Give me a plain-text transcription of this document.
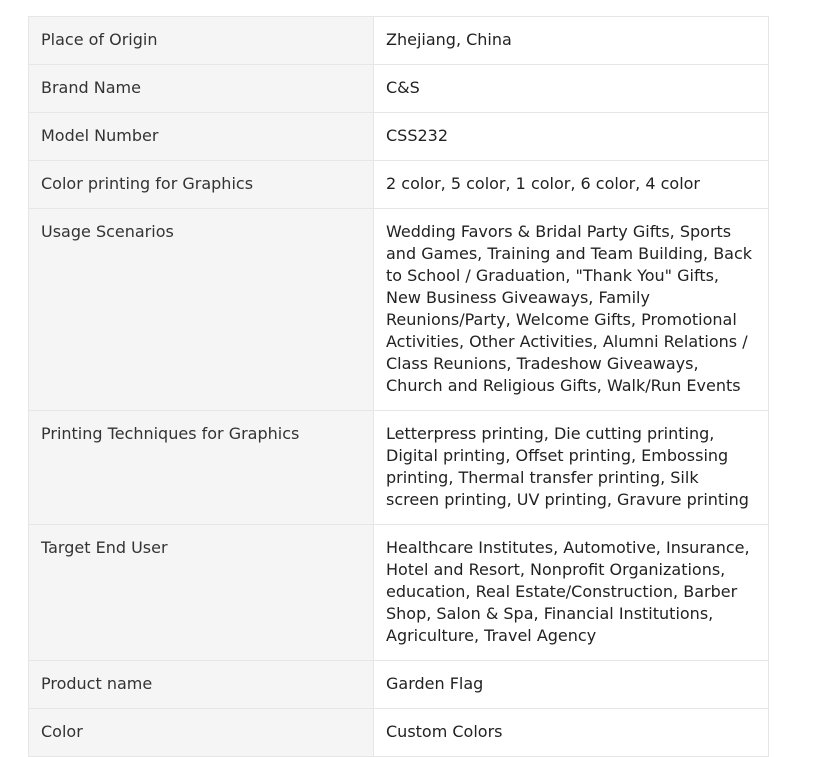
Place of Origin	Zhejiang, China
Brand Name	C&S
Model Number	CSS232
Color printing for Graphics	2 color, 5 color, 1 color, 6 color, 4 color
Usage Scenarios	Wedding Favors & Bridal Party Gifts, Sports and Games, Training and Team Building, Back to School / Graduation, "Thank You" Gifts, New Business Giveaways, Family Reunions/Party, Welcome Gifts, Promotional Activities, Other Activities, Alumni Relations / Class Reunions, Tradeshow Giveaways, Church and Religious Gifts, Walk/Run Events
Printing Techniques for Graphics	Letterpress printing, Die cutting printing, Digital printing, Offset printing, Embossing printing, Thermal transfer printing, Silk screen printing, UV printing, Gravure printing
Target End User	Healthcare Institutes, Automotive, Insurance, Hotel and Resort, Nonprofit Organizations, education, Real Estate/Construction, Barber Shop, Salon & Spa, Financial Institutions, Agriculture, Travel Agency
Product name	Garden Flag
Color	Custom Colors
